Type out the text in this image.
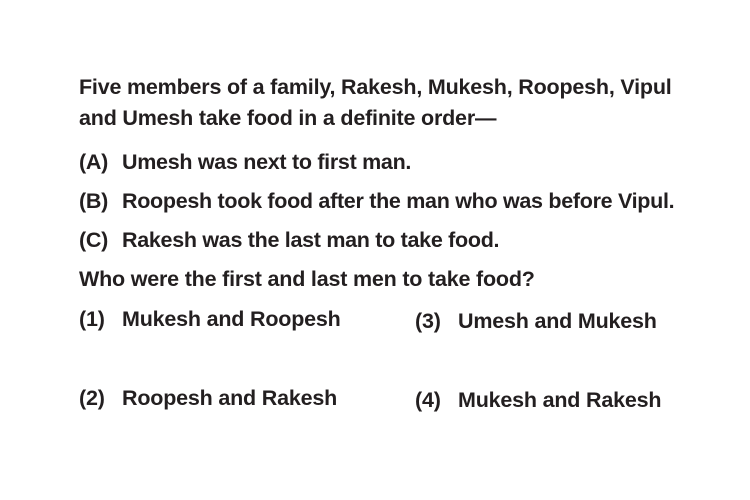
Five members of a family, Rakesh, Mukesh, Roopesh, Vipul
and Umesh take food in a definite order—
(A) Umesh was next to first man.
(B) Roopesh took food after the man who was before Vipul.
(C) Rakesh was the last man to take food.
Who were the first and last men to take food?
(1) Mukesh and Roopesh
(2) Roopesh and Rakesh
(3) Umesh and Mukesh
(4) Mukesh and Rakesh
